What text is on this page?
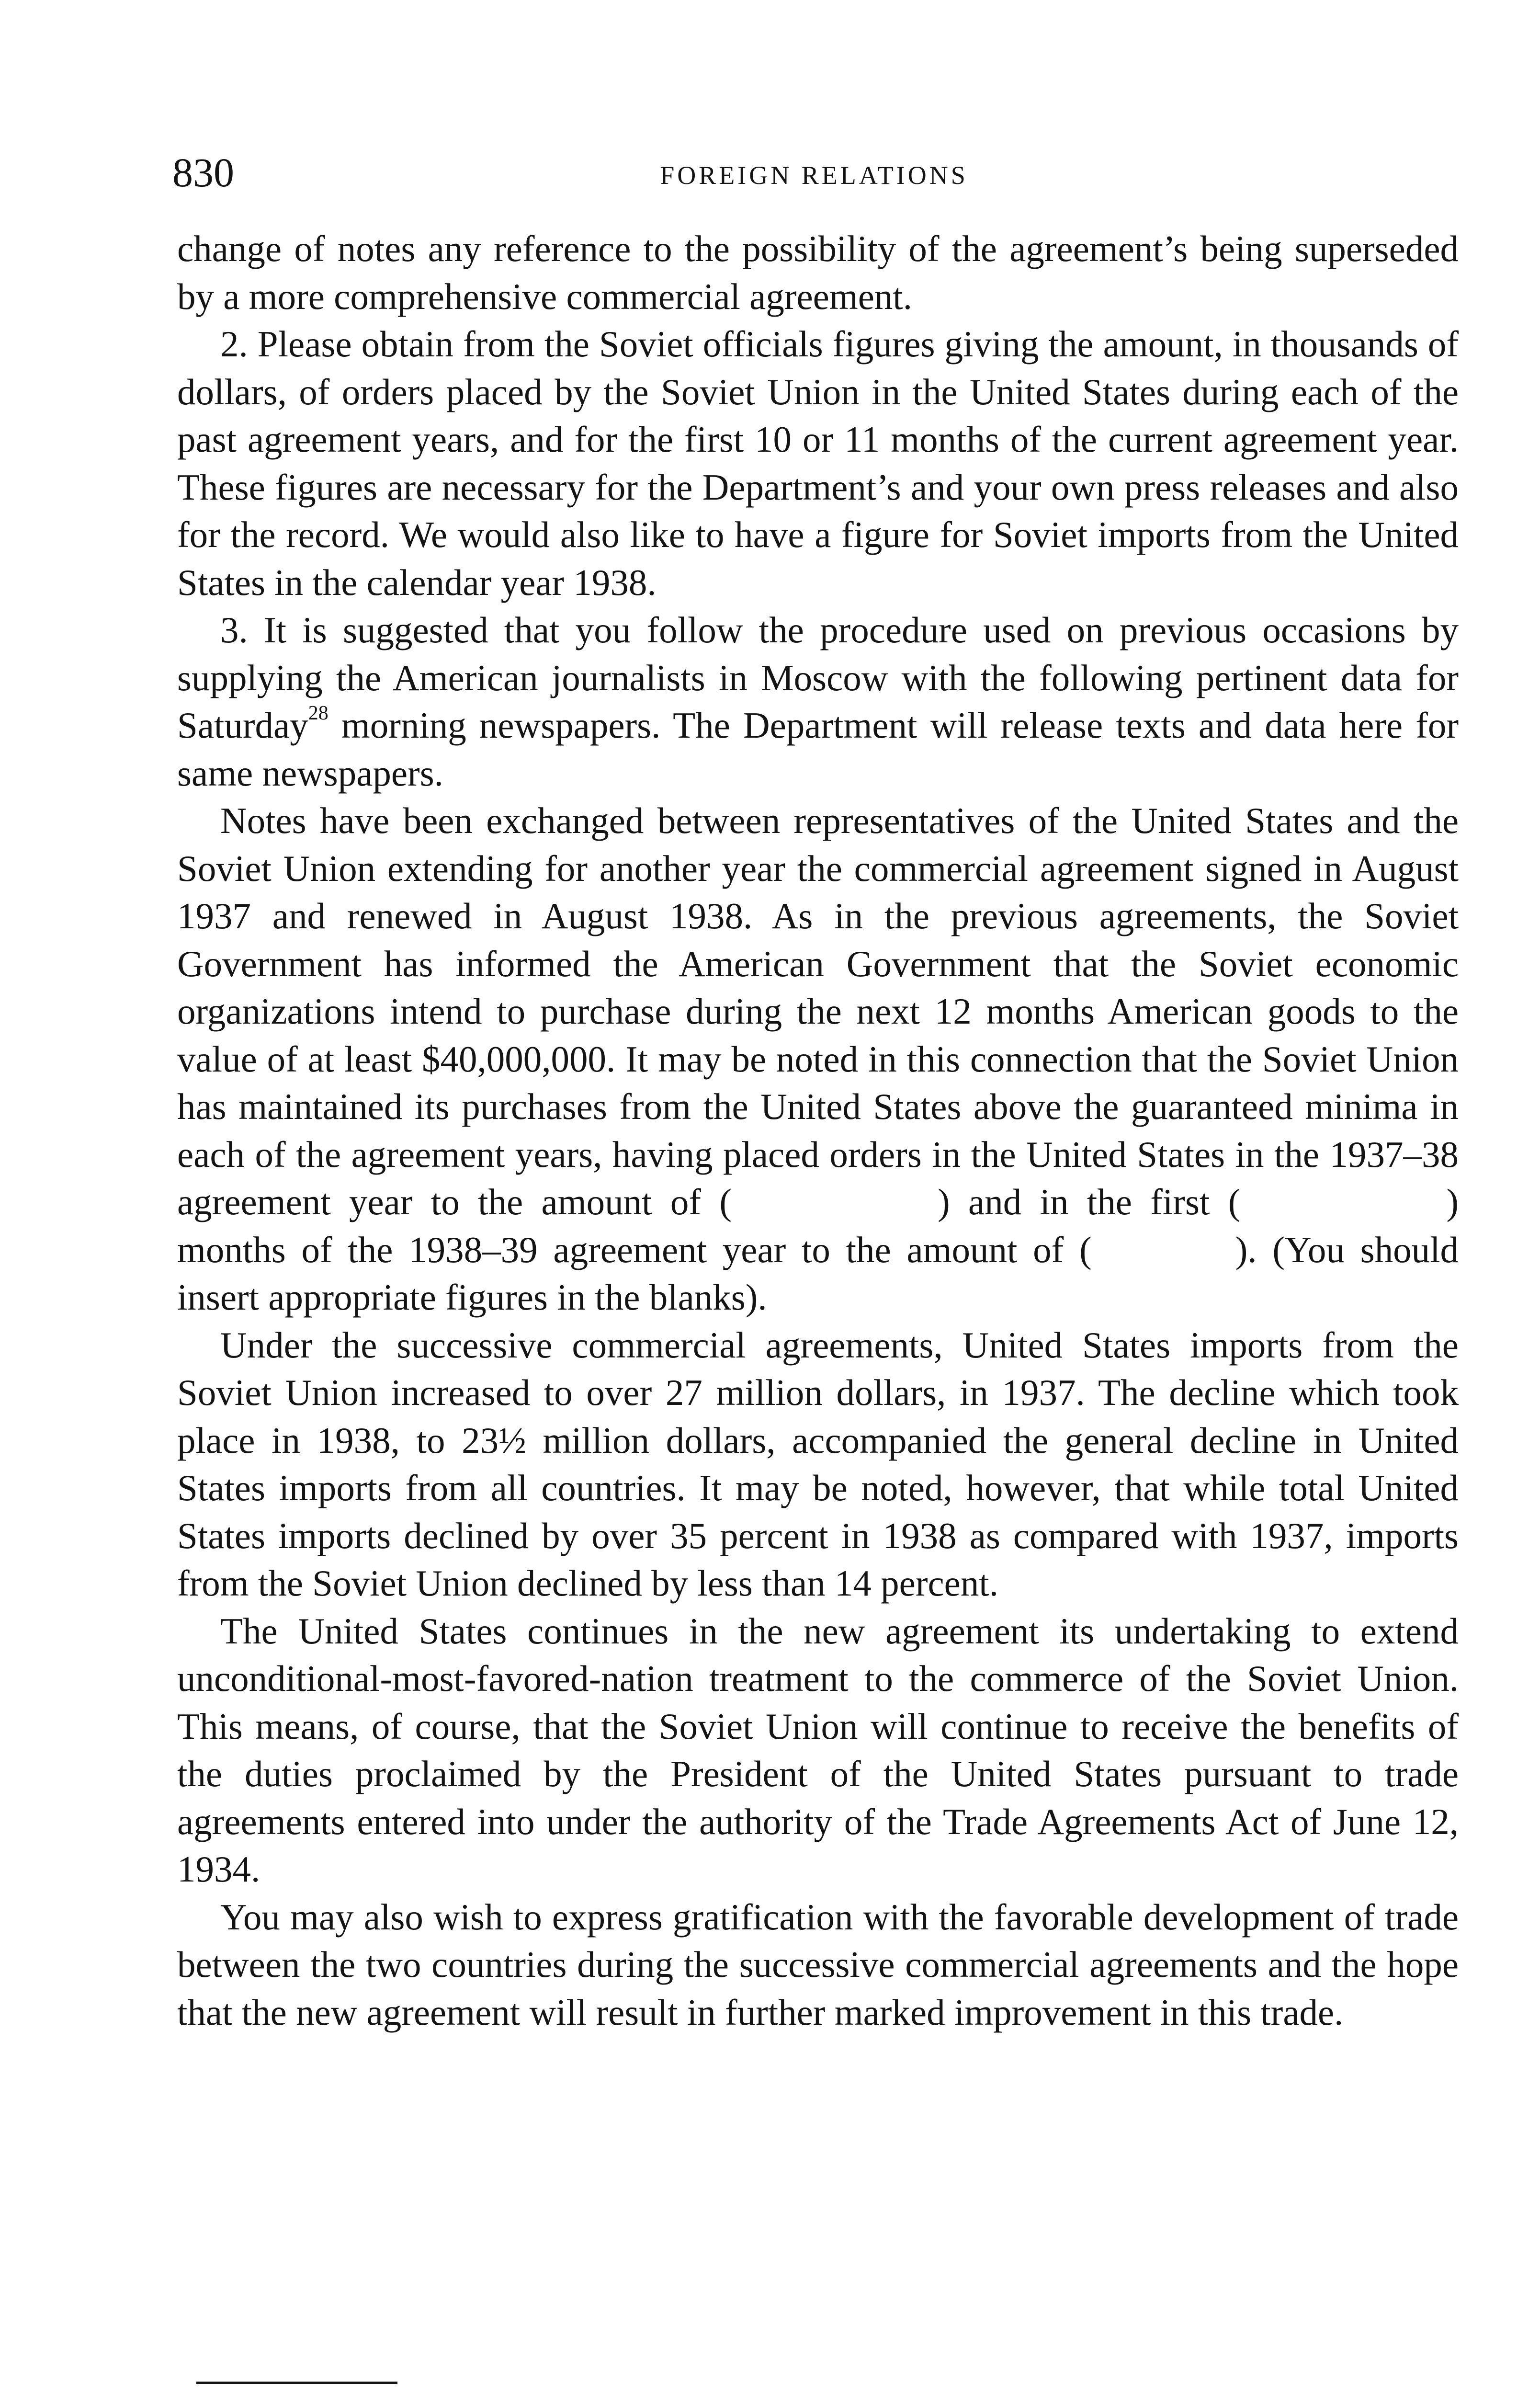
830	FOREIGN RELATIONS

change of notes any reference to the possibility of the agreement’s being superseded by a more comprehensive commercial agreement.

2. Please obtain from the Soviet officials figures giving the amount, in thousands of dollars, of orders placed by the Soviet Union in the United States during each of the past agreement years, and for the first 10 or 11 months of the current agreement year. These figures are necessary for the Department’s and your own press releases and also for the record. We would also like to have a figure for Soviet imports from the United States in the calendar year 1938.

3. It is suggested that you follow the procedure used on previous occasions by supplying the American journalists in Moscow with the following pertinent data for Saturday$^{28}$ morning newspapers. The Department will release texts and data here for same newspapers.

Notes have been exchanged between representatives of the United States and the Soviet Union extending for another year the commercial agreement signed in August 1937 and renewed in August 1938. As in the previous agreements, the Soviet Government has informed the American Government that the Soviet economic organizations intend to purchase during the next 12 months American goods to the value of at least $40,000,000. It may be noted in this connection that the Soviet Union has maintained its purchases from the United States above the guaranteed minima in each of the agreement years, having placed orders in the United States in the 1937–38 agreement year to the amount of (	) and in the first (	) months of the 1938–39 agreement year to the amount of (	). (You should insert appropriate figures in the blanks).

Under the successive commercial agreements, United States imports from the Soviet Union increased to over 27 million dollars, in 1937. The decline which took place in 1938, to 23½ million dollars, accompanied the general decline in United States imports from all countries. It may be noted, however, that while total United States imports declined by over 35 percent in 1938 as compared with 1937, imports from the Soviet Union declined by less than 14 percent.

The United States continues in the new agreement its undertaking to extend unconditional-most-favored-nation treatment to the commerce of the Soviet Union. This means, of course, that the Soviet Union will continue to receive the benefits of the duties proclaimed by the President of the United States pursuant to trade agreements entered into under the authority of the Trade Agreements Act of June 12, 1934.

You may also wish to express gratification with the favorable development of trade between the two countries during the successive commercial agreements and the hope that the new agreement will result in further marked improvement in this trade.
